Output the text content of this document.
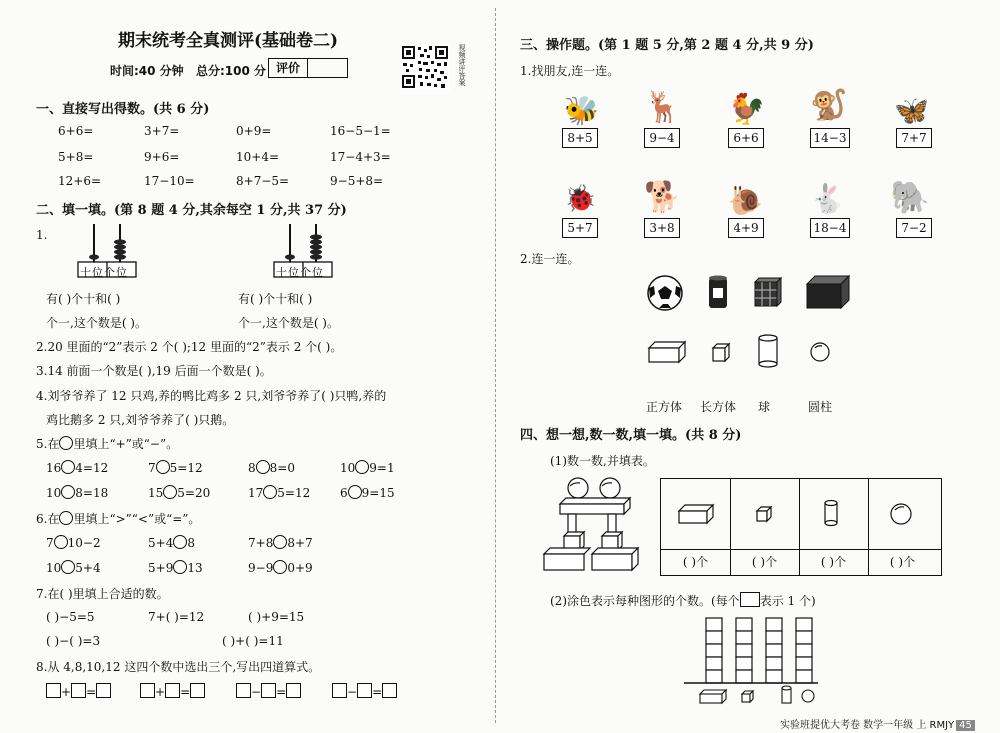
期末统考全真测评(基础卷二)
时间:40 分钟 总分:100 分 评价	视频讲评答案
一、直接写出得数。(共 6 分)
6+6=	3+7=	0+9=	16−5−1=
5+8=	9+6=	10+4=	17−4+3=
12+6=	17−10=	8+7−5=	9−5+8=
二、填一填。(第 8 题 4 分,其余每空 1 分,共 37 分)
1.
十位个位	十位个位
有( )个十和( )
个一,这个数是( )。
有( )个十和( )
个一,这个数是( )。
2.20 里面的“2”表示 2 个( );12 里面的“2”表示 2 个( )。
3.14 前面一个数是( ),19 后面一个数是( )。
4.刘爷爷养了 12 只鸡,养的鸭比鸡多 2 只,刘爷爷养了( )只鸭,养的
鸡比鹅多 2 只,刘爷爷养了( )只鹅。
5.在 里填上“+”或“−”。
16 4=12	7 5=12	8 8=0	10 9=1
10 8=18	15 5=20	17 5=12 6 9=15
6.在 里填上“>”“<”或“=”。
7 10−2	5+4 8	7+8 8+7
10 5+4	5+9 13	9−9 0+9
7.在( )里填上合适的数。
( )−5=5	7+( )=12	( )+9=15
( )−( )=3	( )+( )=11
8.从 4,8,10,12 这四个数中选出三个,写出四道算式。
+ =	+ =	− =	− =
三、操作题。(第 1 题 5 分,第 2 题 4 分,共 9 分)
1.找朋友,连一连。
🐝 🦌 🐓 🐒 🦋
8+5	9−4	6+6	14−3	7+7
🐞 🐕 🐌 🐇 🐘
5+7	3+8	4+9	18−4	7−2
2.连一连。
正方体 长方体 球	圆柱
四、想一想,数一数,填一填。(共 8 分)
(1)数一数,并填表。
( )个	( )个	( )个	( )个
(2)涂色表示每种图形的个数。(每个 表示 1 个)
实验班提优大考卷 数学一年级 上 RMJY 45
